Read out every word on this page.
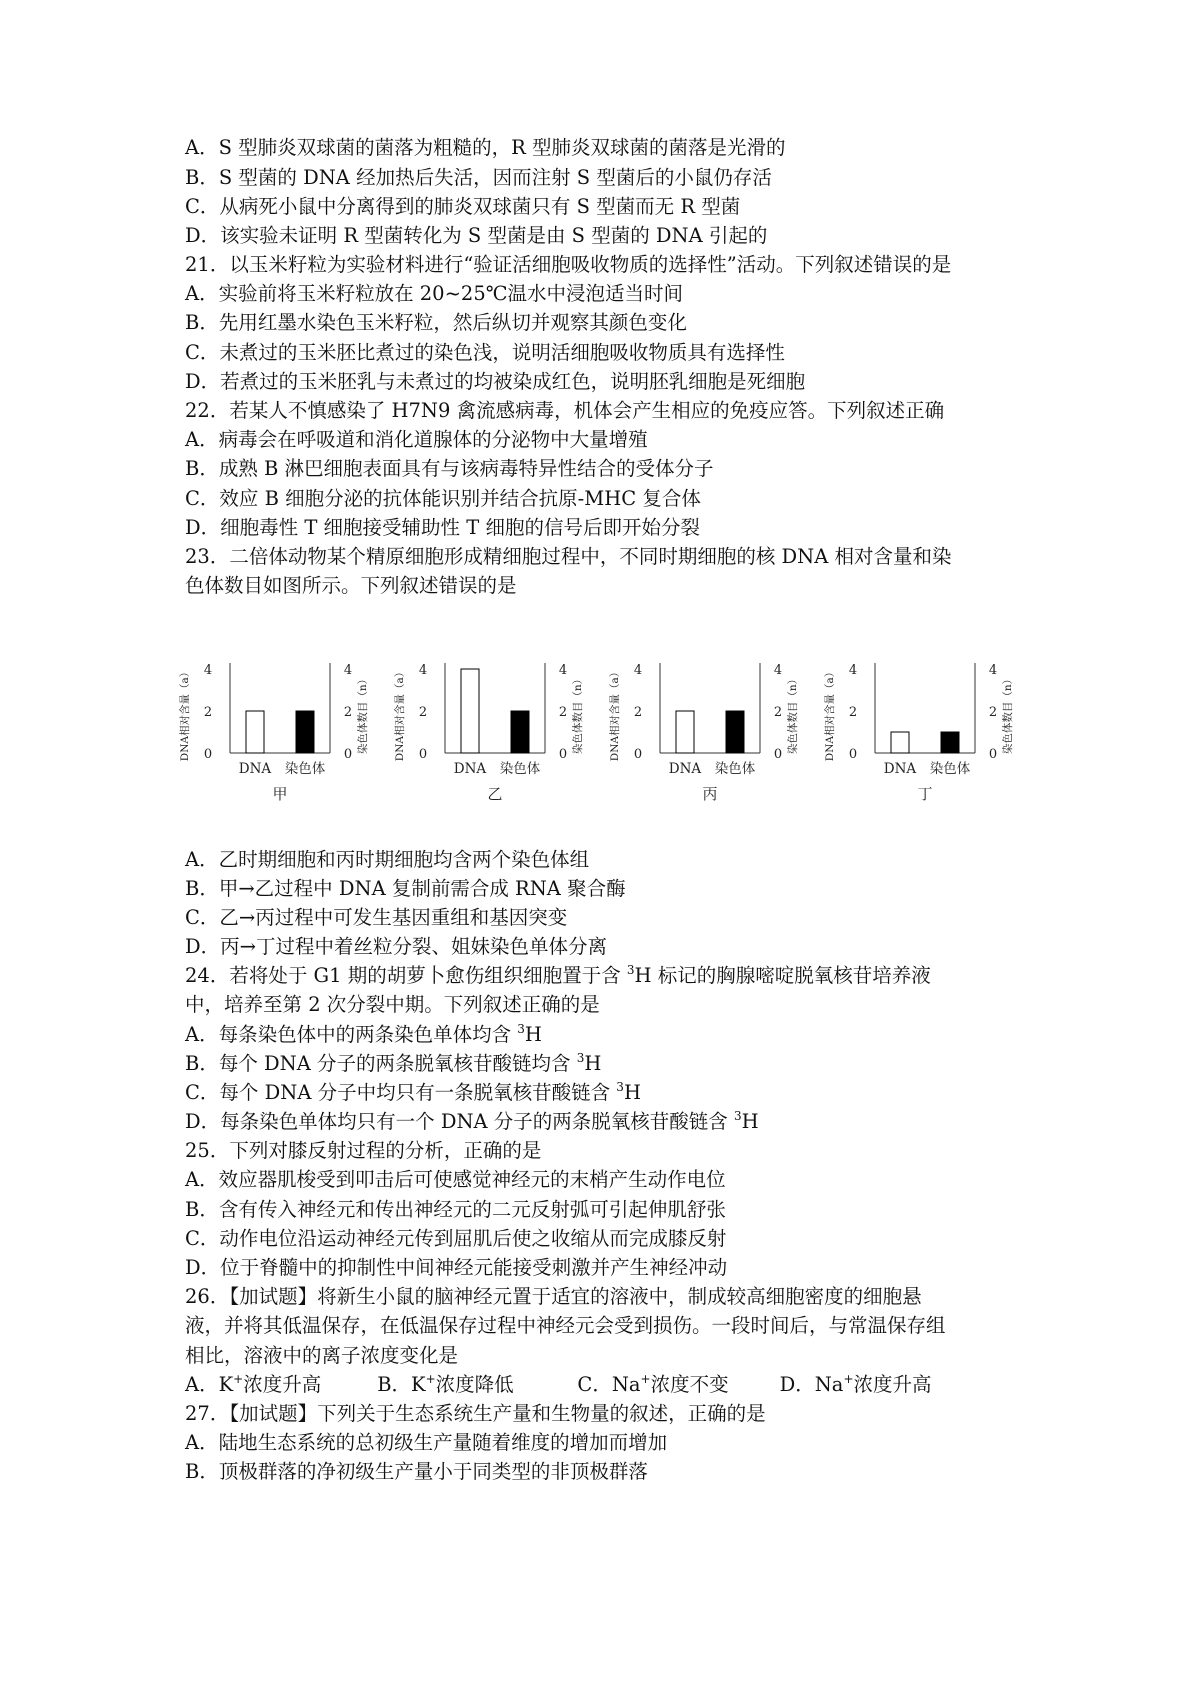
A．S 型肺炎双球菌的菌落为粗糙的，R 型肺炎双球菌的菌落是光滑的
B．S 型菌的 DNA 经加热后失活，因而注射 S 型菌后的小鼠仍存活
C．从病死小鼠中分离得到的肺炎双球菌只有 S 型菌而无 R 型菌
D．该实验未证明 R 型菌转化为 S 型菌是由 S 型菌的 DNA 引起的
21．以玉米籽粒为实验材料进行“验证活细胞吸收物质的选择性”活动。下列叙述错误的是
A．实验前将玉米籽粒放在 20~25℃温水中浸泡适当时间
B．先用红墨水染色玉米籽粒，然后纵切并观察其颜色变化
C．未煮过的玉米胚比煮过的染色浅，说明活细胞吸收物质具有选择性
D．若煮过的玉米胚乳与未煮过的均被染成红色，说明胚乳细胞是死细胞
22．若某人不慎感染了 H7N9 禽流感病毒，机体会产生相应的免疫应答。下列叙述正确
A．病毒会在呼吸道和消化道腺体的分泌物中大量增殖
B．成熟 B 淋巴细胞表面具有与该病毒特异性结合的受体分子
C．效应 B 细胞分泌的抗体能识别并结合抗原-MHC 复合体
D．细胞毒性 T 细胞接受辅助性 T 细胞的信号后即开始分裂
23．二倍体动物某个精原细胞形成精细胞过程中，不同时期细胞的核 DNA 相对含量和染
色体数目如图所示。下列叙述错误的是
0	0
2	2
4	4
DNA相对含量（a）	染色体数目（n）
DNA 染色体
甲
0	0
2	2
4	4
DNA相对含量（a）	染色体数目（n）
DNA 染色体
乙
0	0
2	2
4	4
DNA相对含量（a）	染色体数目（n）
DNA 染色体
丙
0	0
2	2
4	4
DNA相对含量（a）	染色体数目（n）
DNA 染色体
丁
A．乙时期细胞和丙时期细胞均含两个染色体组
B．甲→乙过程中 DNA 复制前需合成 RNA 聚合酶
C．乙→丙过程中可发生基因重组和基因突变
D．丙→丁过程中着丝粒分裂、姐妹染色单体分离
24．若将处于 G1 期的胡萝卜愈伤组织细胞置于含 $^3$H 标记的胸腺嘧啶脱氧核苷培养液
中，培养至第 2 次分裂中期。下列叙述正确的是
A．每条染色体中的两条染色单体均含 $^3$H
B．每个 DNA 分子的两条脱氧核苷酸链均含 $^3$H
C．每个 DNA 分子中均只有一条脱氧核苷酸链含 $^3$H
D．每条染色单体均只有一个 DNA 分子的两条脱氧核苷酸链含 $^3$H
25．下列对膝反射过程的分析，正确的是
A．效应器肌梭受到叩击后可使感觉神经元的末梢产生动作电位
B．含有传入神经元和传出神经元的二元反射弧可引起伸肌舒张
C．动作电位沿运动神经元传到屈肌后使之收缩从而完成膝反射
D．位于脊髓中的抑制性中间神经元能接受刺激并产生神经冲动
26．【加试题】将新生小鼠的脑神经元置于适宜的溶液中，制成较高细胞密度的细胞悬
液，并将其低温保存，在低温保存过程中神经元会受到损伤。一段时间后，与常温保存组
相比，溶液中的离子浓度变化是
A．K+浓度升高	B．K+浓度降低	C．Na+浓度不变	D．Na+浓度升高
27．【加试题】下列关于生态系统生产量和生物量的叙述，正确的是
A．陆地生态系统的总初级生产量随着维度的增加而增加
B．顶极群落的净初级生产量小于同类型的非顶极群落
